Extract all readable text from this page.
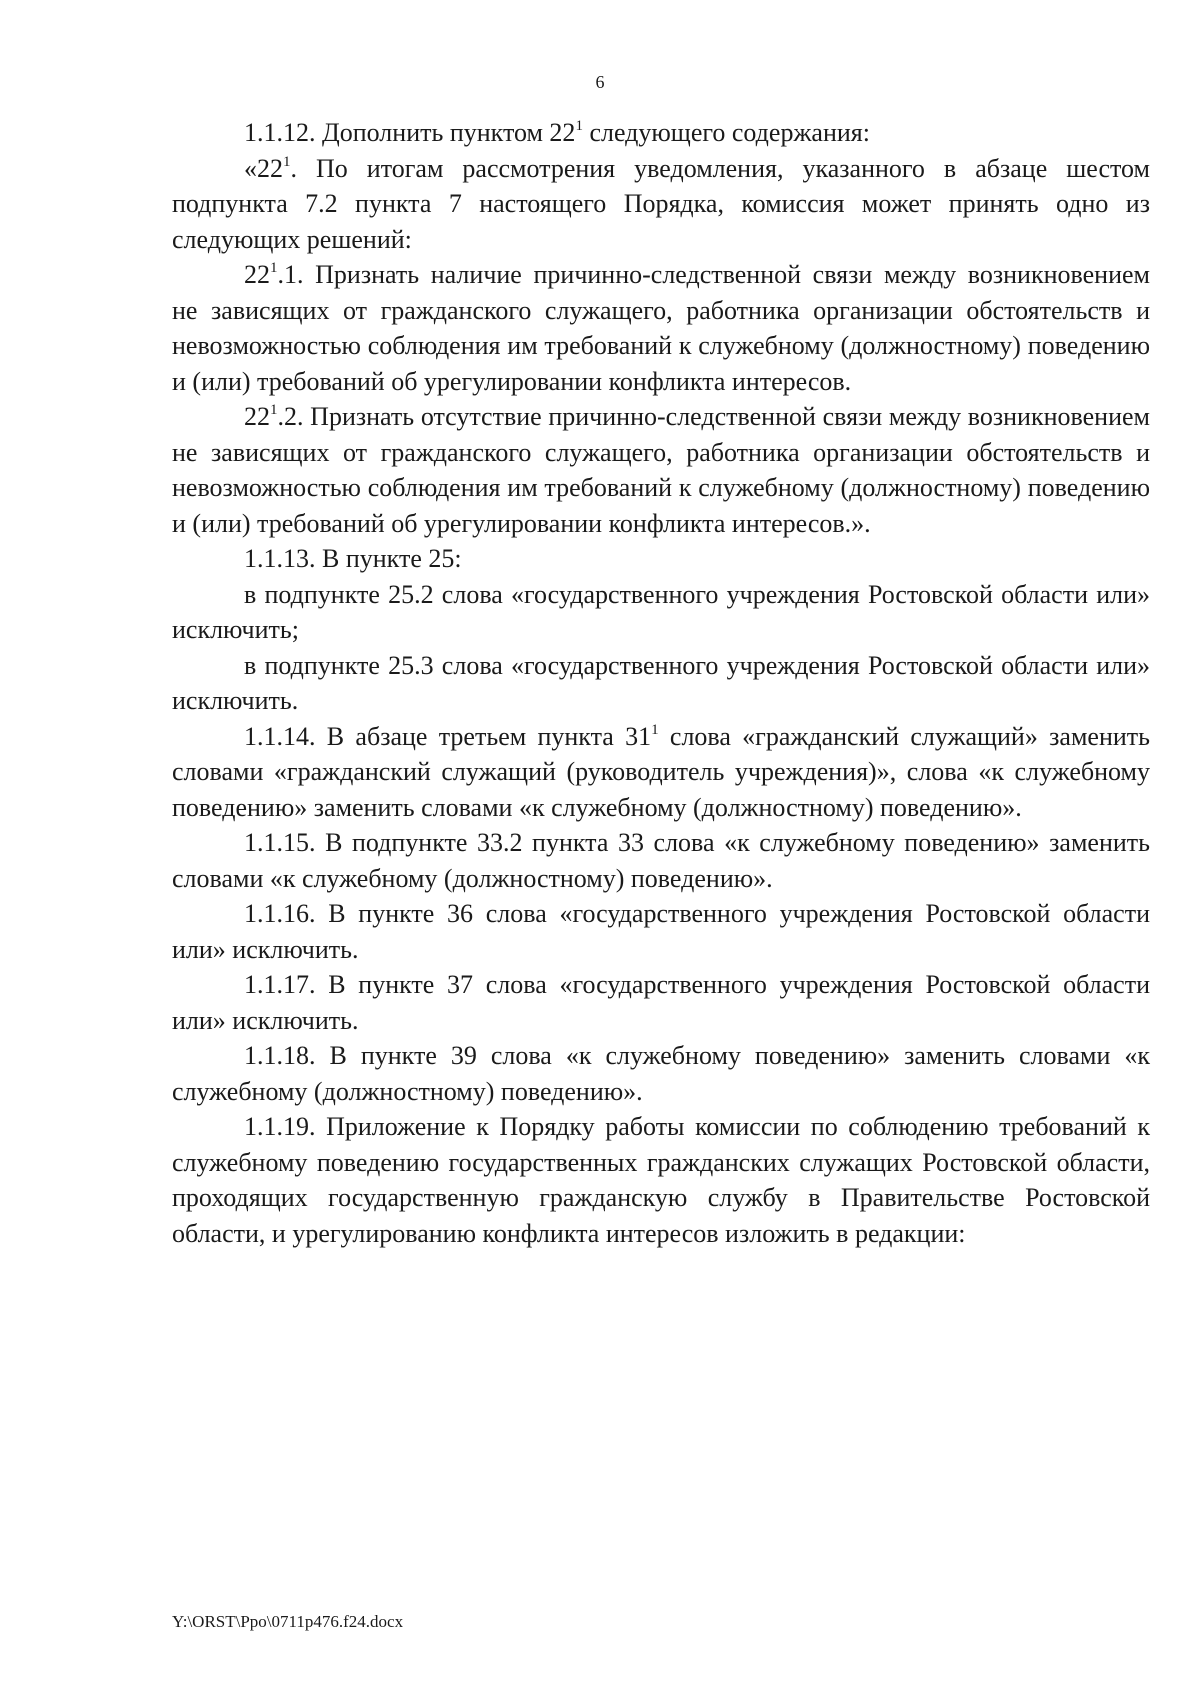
6

1.1.12. Дополнить пунктом $22^1$ следующего содержания:

«$22^1$. По итогам рассмотрения уведомления, указанного в абзаце шестом подпункта 7.2 пункта 7 настоящего Порядка, комиссия может принять одно из следующих решений:

$22^1.1$. Признать наличие причинно-следственной связи между возникновением не зависящих от гражданского служащего, работника организации обстоятельств и невозможностью соблюдения им требований к служебному (должностному) поведению и (или) требований об урегулировании конфликта интересов.

$22^1.2$. Признать отсутствие причинно-следственной связи между возникновением не зависящих от гражданского служащего, работника организации обстоятельств и невозможностью соблюдения им требований к служебному (должностному) поведению и (или) требований об урегулировании конфликта интересов.».

1.1.13. В пункте 25:

в подпункте 25.2 слова «государственного учреждения Ростовской области или» исключить;

в подпункте 25.3 слова «государственного учреждения Ростовской области или» исключить.

1.1.14. В абзаце третьем пункта $31^1$ слова «гражданский служащий» заменить словами «гражданский служащий (руководитель учреждения)», слова «к служебному поведению» заменить словами «к служебному (должностному) поведению».

1.1.15. В подпункте 33.2 пункта 33 слова «к служебному поведению» заменить словами «к служебному (должностному) поведению».

1.1.16. В пункте 36 слова «государственного учреждения Ростовской области или» исключить.

1.1.17. В пункте 37 слова «государственного учреждения Ростовской области или» исключить.

1.1.18. В пункте 39 слова «к служебному поведению» заменить словами «к служебному (должностному) поведению».

1.1.19. Приложение к Порядку работы комиссии по соблюдению требований к служебному поведению государственных гражданских служащих Ростовской области, проходящих государственную гражданскую службу в Правительстве Ростовской области, и урегулированию конфликта интересов изложить в редакции:

Y:\ORST\Ppo\0711p476.f24.docx
